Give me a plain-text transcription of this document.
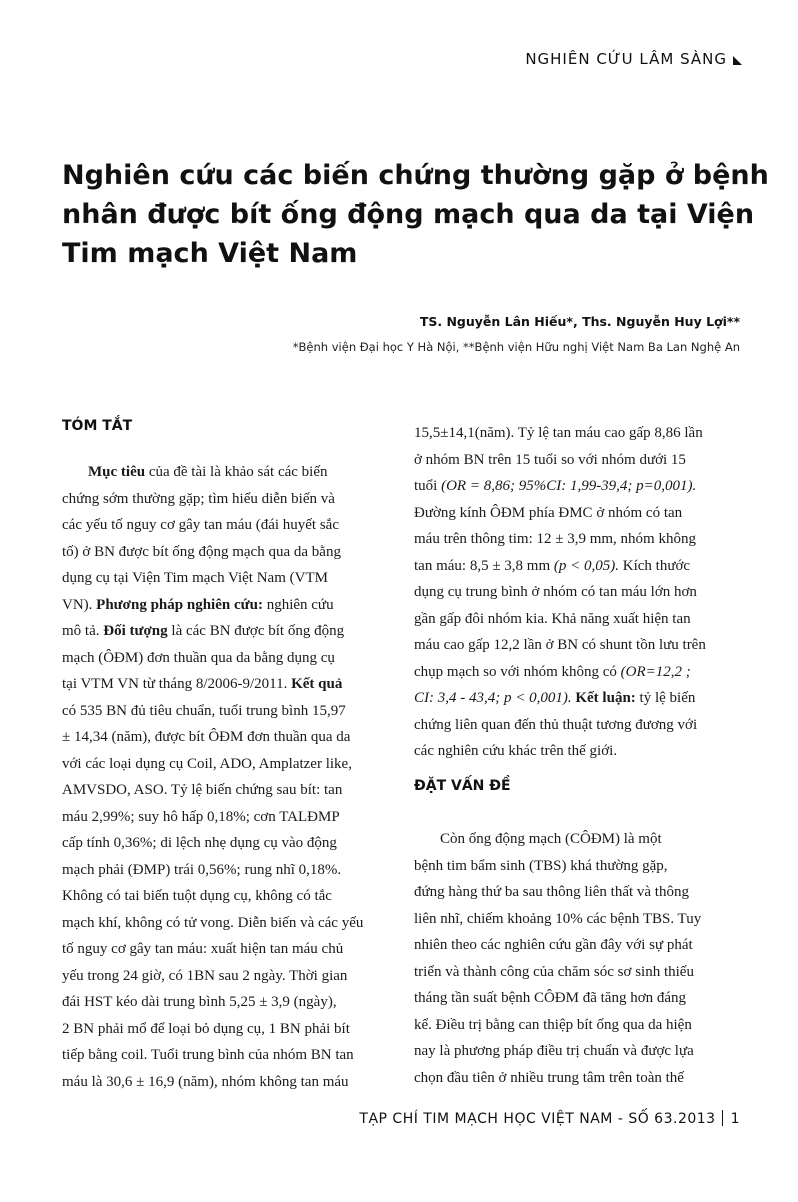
NGHIÊN CỨU LÂM SÀNG
Nghiên cứu các biến chứng thường gặp ở bệnh
nhân được bít ống động mạch qua da tại Viện
Tim mạch Việt Nam
TS. Nguyễn Lân Hiếu*, Ths. Nguyễn Huy Lợi**
*Bệnh viện Đại học Y Hà Nội, **Bệnh viện Hữu nghị Việt Nam Ba Lan Nghệ An
TÓM TẮT
Mục tiêu của đề tài là khảo sát các biến
chứng sớm thường gặp; tìm hiểu diễn biến và
các yếu tố nguy cơ gây tan máu (đái huyết sắc
tố) ở BN được bít ống động mạch qua da bằng
dụng cụ tại Viện Tim mạch Việt Nam (VTM
VN). Phương pháp nghiên cứu: nghiên cứu
mô tả. Đối tượng là các BN được bít ống động
mạch (ÔĐM) đơn thuần qua da bằng dụng cụ
tại VTM VN từ tháng 8/2006-9/2011. Kết quả
có 535 BN đủ tiêu chuẩn, tuổi trung bình 15,97
± 14,34 (năm), được bít ÔĐM đơn thuần qua da
với các loại dụng cụ Coil, ADO, Amplatzer like,
AMVSDO, ASO. Tỷ lệ biến chứng sau bít: tan
máu 2,99%; suy hô hấp 0,18%; cơn TALĐMP
cấp tính 0,36%; di lệch nhẹ dụng cụ vào động
mạch phải (ĐMP) trái 0,56%; rung nhĩ 0,18%.
Không có tai biến tuột dụng cụ, không có tắc
mạch khí, không có tử vong. Diễn biến và các yếu
tố nguy cơ gây tan máu: xuất hiện tan máu chủ
yếu trong 24 giờ, có 1BN sau 2 ngày. Thời gian
đái HST kéo dài trung bình 5,25 ± 3,9 (ngày),
2 BN phải mổ để loại bỏ dụng cụ, 1 BN phải bít
tiếp bằng coil. Tuổi trung bình của nhóm BN tan
máu là 30,6 ± 16,9 (năm), nhóm không tan máu
15,5±14,1(năm). Tỷ lệ tan máu cao gấp 8,86 lần
ở nhóm BN trên 15 tuổi so với nhóm dưới 15
tuổi (OR = 8,86; 95%CI: 1,99-39,4; p=0,001).
Đường kính ÔĐM phía ĐMC ở nhóm có tan
máu trên thông tim: 12 ± 3,9 mm, nhóm không
tan máu: 8,5 ± 3,8 mm (p < 0,05). Kích thước
dụng cụ trung bình ở nhóm có tan máu lớn hơn
gần gấp đôi nhóm kia. Khả năng xuất hiện tan
máu cao gấp 12,2 lần ở BN có shunt tồn lưu trên
chụp mạch so với nhóm không có (OR=12,2 ;
CI: 3,4 - 43,4; p < 0,001). Kết luận: tỷ lệ biến
chứng liên quan đến thủ thuật tương đương với
các nghiên cứu khác trên thế giới.
ĐẶT VẤN ĐỀ
Còn ống động mạch (CÔĐM) là một
bệnh tim bẩm sinh (TBS) khá thường gặp,
đứng hàng thứ ba sau thông liên thất và thông
liên nhĩ, chiếm khoảng 10% các bệnh TBS. Tuy
nhiên theo các nghiên cứu gần đây với sự phát
triển và thành công của chăm sóc sơ sinh thiếu
tháng tần suất bệnh CÔĐM đã tăng hơn đáng
kể. Điều trị bằng can thiệp bít ống qua da hiện
nay là phương pháp điều trị chuẩn và được lựa
chọn đầu tiên ở nhiều trung tâm trên toàn thế
TẠP CHÍ TIM MẠCH HỌC VIỆT NAM - SỐ 63.2013 1
